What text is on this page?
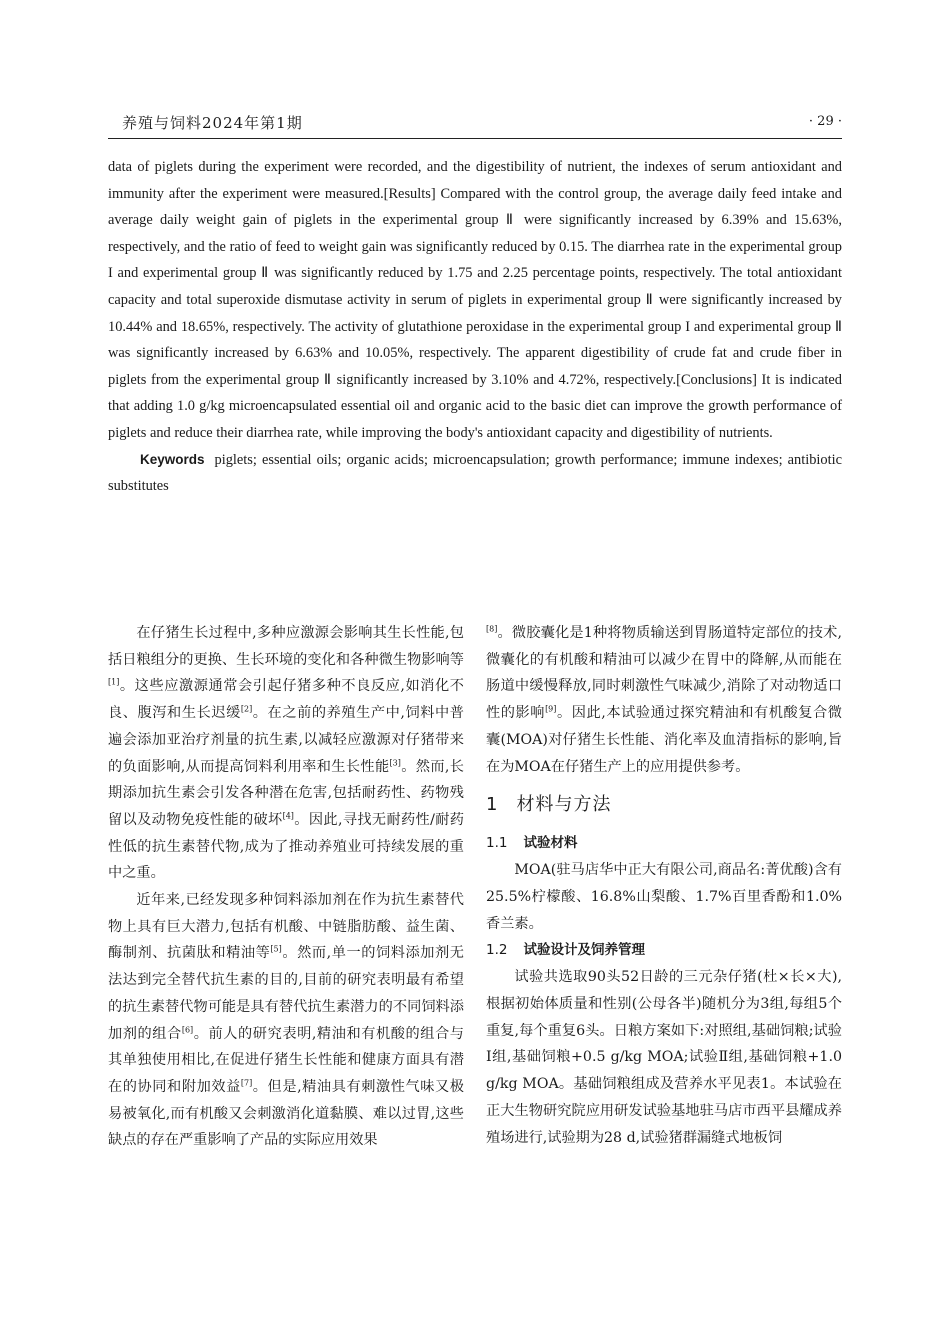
养殖与饲料2024年第1期	· 29 ·

data of piglets during the experiment were recorded, and the digestibility of nutrient, the indexes of serum antioxidant and immunity after the experiment were measured.[Results] Compared with the control group, the average daily feed intake and average daily weight gain of piglets in the experimental group Ⅱ were significantly increased by 6.39% and 15.63%, respectively, and the ratio of feed to weight gain was significantly reduced by 0.15. The diarrhea rate in the experimental group I and experimental group Ⅱ was significantly reduced by 1.75 and 2.25 percentage points, respectively. The total antioxidant capacity and total superoxide dismutase activity in serum of piglets in experimental group Ⅱ were significantly increased by 10.44% and 18.65%, respectively. The activity of glutathione peroxidase in the experimental group I and experimental group Ⅱ was significantly increased by 6.63% and 10.05%, respectively. The apparent digestibility of crude fat and crude fiber in piglets from the experimental group Ⅱ significantly increased by 3.10% and 4.72%, respectively.[Conclusions] It is indicated that adding 1.0 g/kg microencapsulated essential oil and organic acid to the basic diet can improve the growth performance of piglets and reduce their diarrhea rate, while improving the body's antioxidant capacity and digestibility of nutrients.

Keywords piglets; essential oils; organic acids; microencapsulation; growth performance; immune indexes; antibiotic substitutes

在仔猪生长过程中,多种应激源会影响其生长性能,包括日粮组分的更换、生长环境的变化和各种微生物影响等[1]。这些应激源通常会引起仔猪多种不良反应,如消化不良、腹泻和生长迟缓[2]。在之前的养殖生产中,饲料中普遍会添加亚治疗剂量的抗生素,以减轻应激源对仔猪带来的负面影响,从而提高饲料利用率和生长性能[3]。然而,长期添加抗生素会引发各种潜在危害,包括耐药性、药物残留以及动物免疫性能的破坏[4]。因此,寻找无耐药性/耐药性低的抗生素替代物,成为了推动养殖业可持续发展的重中之重。

近年来,已经发现多种饲料添加剂在作为抗生素替代物上具有巨大潜力,包括有机酸、中链脂肪酸、益生菌、酶制剂、抗菌肽和精油等[5]。然而,单一的饲料添加剂无法达到完全替代抗生素的目的,目前的研究表明最有希望的抗生素替代物可能是具有替代抗生素潜力的不同饲料添加剂的组合[6]。前人的研究表明,精油和有机酸的组合与其单独使用相比,在促进仔猪生长性能和健康方面具有潜在的协同和附加效益[7]。但是,精油具有刺激性气味又极易被氧化,而有机酸又会刺激消化道黏膜、难以过胃,这些缺点的存在严重影响了产品的实际应用效果

[8]。微胶囊化是1种将物质输送到胃肠道特定部位的技术,微囊化的有机酸和精油可以减少在胃中的降解,从而能在肠道中缓慢释放,同时刺激性气味减少,消除了对动物适口性的影响[9]。因此,本试验通过探究精油和有机酸复合微囊(MOA)对仔猪生长性能、消化率及血清指标的影响,旨在为MOA在仔猪生产上的应用提供参考。

1 材料与方法
1.1 试验材料

MOA(驻马店华中正大有限公司,商品名:菁优酸)含有25.5%柠檬酸、16.8%山梨酸、1.7%百里香酚和1.0%香兰素。

1.2 试验设计及饲养管理

试验共选取90头52日龄的三元杂仔猪(杜×长×大),根据初始体质量和性别(公母各半)随机分为3组,每组5个重复,每个重复6头。日粮方案如下:对照组,基础饲粮;试验Ⅰ组,基础饲粮+0.5 g/kg MOA;试验Ⅱ组,基础饲粮+1.0 g/kg MOA。基础饲粮组成及营养水平见表1。本试验在正大生物研究院应用研发试验基地驻马店市西平县耀成养殖场进行,试验期为28 d,试验猪群漏缝式地板饲
